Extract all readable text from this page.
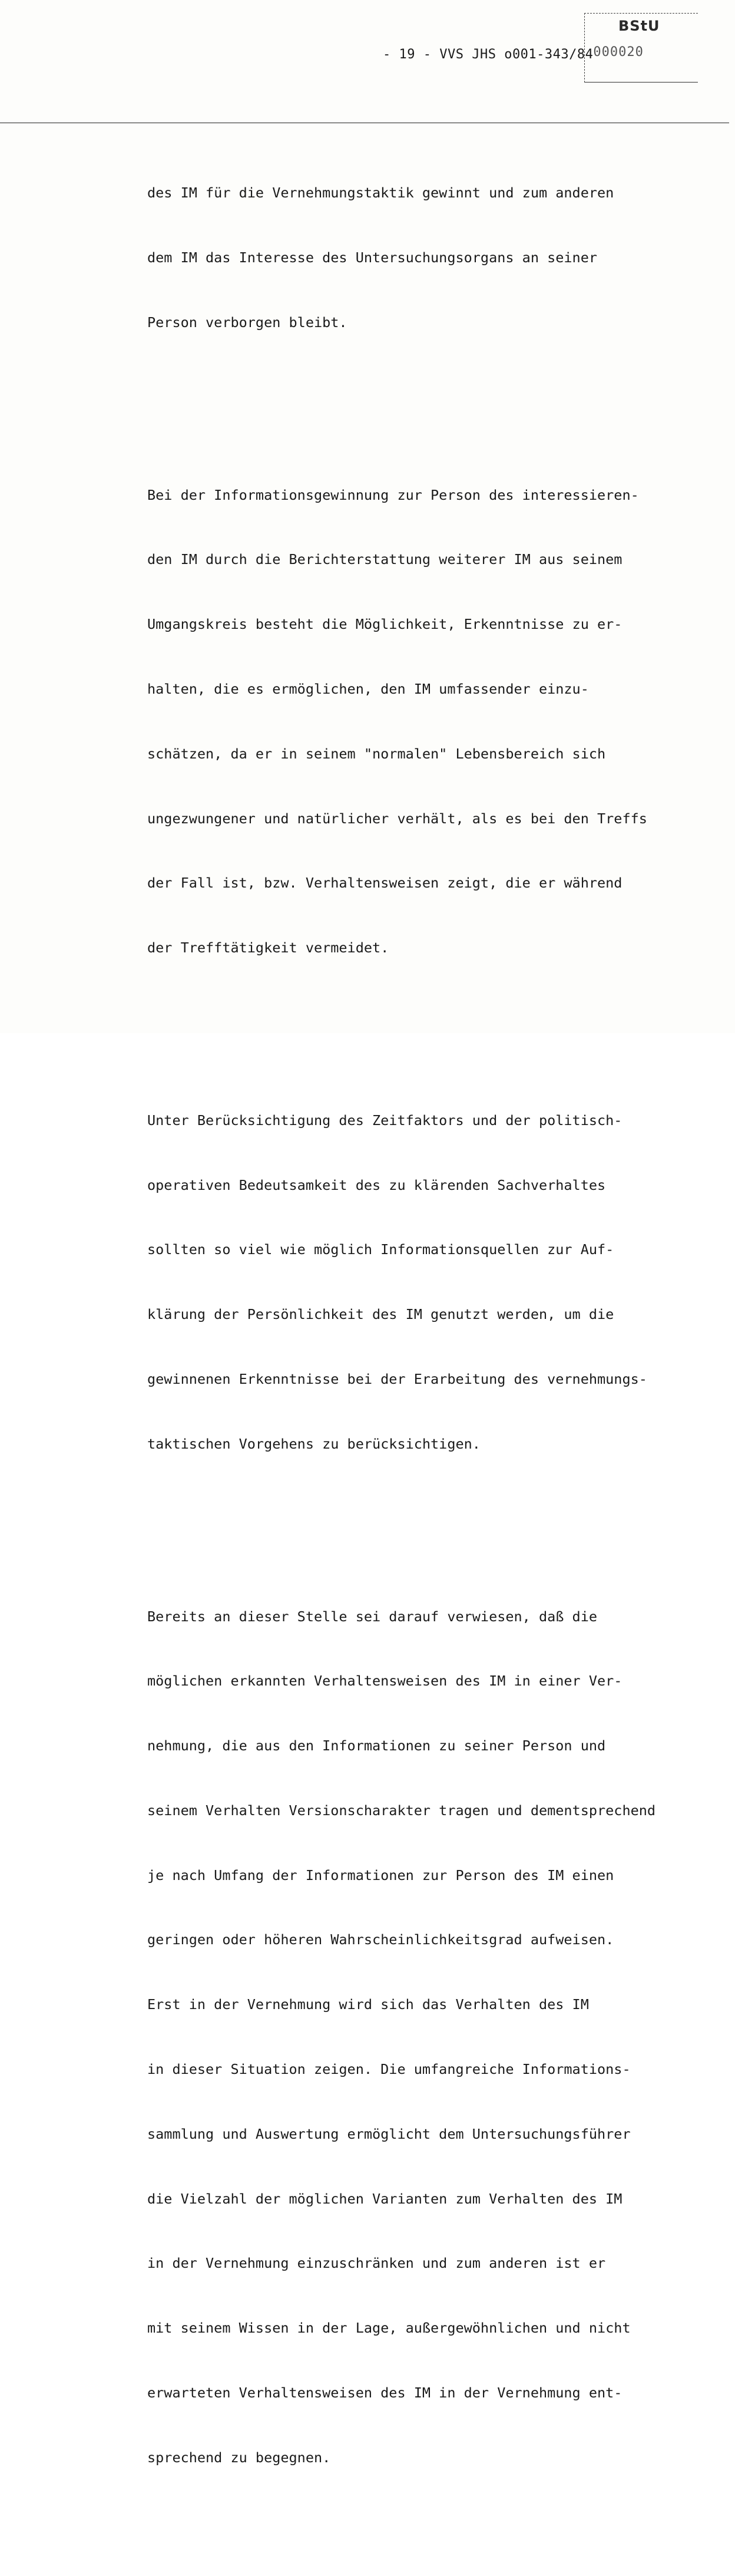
BStU
- 19 - VVS JHS o001-343/84000020

des IM für die Vernehmungstaktik gewinnt und zum anderen

dem IM das Interesse des Untersuchungsorgans an seiner

Person verborgen bleibt.

Bei der Informationsgewinnung zur Person des interessieren-

den IM durch die Berichterstattung weiterer IM aus seinem

Umgangskreis besteht die Möglichkeit, Erkenntnisse zu er-

halten, die es ermöglichen, den IM umfassender einzu-

schätzen, da er in seinem "normalen" Lebensbereich sich

ungezwungener und natürlicher verhält, als es bei den Treffs

der Fall ist, bzw. Verhaltensweisen zeigt, die er während

der Trefftätigkeit vermeidet.

Unter Berücksichtigung des Zeitfaktors und der politisch-

operativen Bedeutsamkeit des zu klärenden Sachverhaltes

sollten so viel wie möglich Informationsquellen zur Auf-

klärung der Persönlichkeit des IM genutzt werden, um die

gewinnenen Erkenntnisse bei der Erarbeitung des vernehmungs-

taktischen Vorgehens zu berücksichtigen.

Bereits an dieser Stelle sei darauf verwiesen, daß die

möglichen erkannten Verhaltensweisen des IM in einer Ver-

nehmung, die aus den Informationen zu seiner Person und

seinem Verhalten Versionscharakter tragen und dementsprechend

je nach Umfang der Informationen zur Person des IM einen

geringen oder höheren Wahrscheinlichkeitsgrad aufweisen.

Erst in der Vernehmung wird sich das Verhalten des IM

in dieser Situation zeigen. Die umfangreiche Informations-

sammlung und Auswertung ermöglicht dem Untersuchungsführer

die Vielzahl der möglichen Varianten zum Verhalten des IM

in der Vernehmung einzuschränken und zum anderen ist er

mit seinem Wissen in der Lage, außergewöhnlichen und nicht

erwarteten Verhaltensweisen des IM in der Vernehmung ent-

sprechend zu begegnen.
